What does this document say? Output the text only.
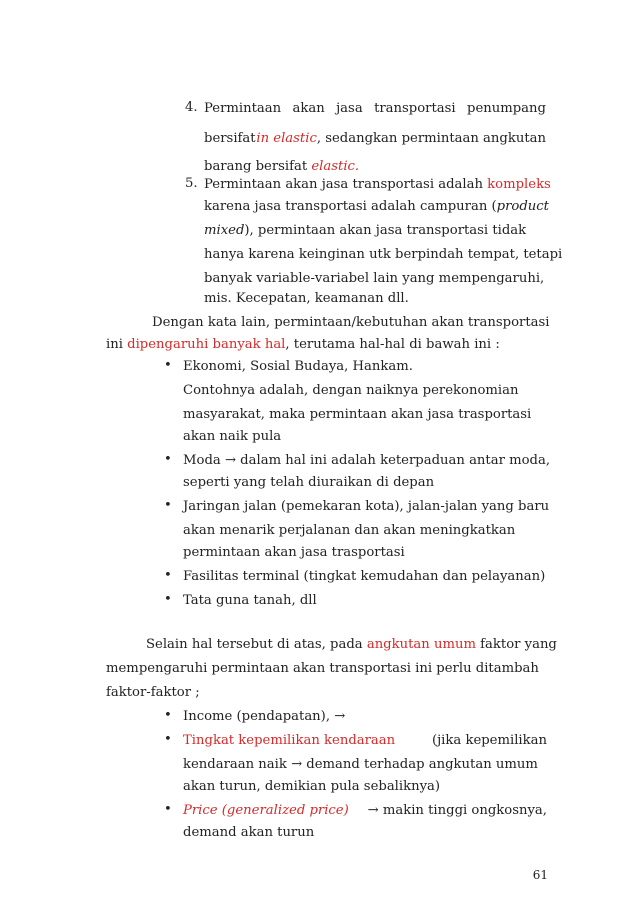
4. Permintaan akan jasa transportasi penumpang
bersifat in elastic, sedangkan permintaan angkutan
barang bersifat elastic.
5. Permintaan akan jasa transportasi adalah kompleks
karena jasa transportasi adalah campuran (product
mixed), permintaan akan jasa transportasi tidak
hanya karena keinginan utk berpindah tempat, tetapi
banyak variable-variabel lain yang mempengaruhi,
mis. Kecepatan, keamanan dll.
Dengan kata lain, permintaan/kebutuhan akan transportasi
ini dipengaruhi banyak hal, terutama hal-hal di bawah ini :
• Ekonomi, Sosial Budaya, Hankam.
Contohnya adalah, dengan naiknya perekonomian
masyarakat, maka permintaan akan jasa trasportasi
akan naik pula
• Moda → dalam hal ini adalah keterpaduan antar moda,
seperti yang telah diuraikan di depan
• Jaringan jalan (pemekaran kota), jalan-jalan yang baru
akan menarik perjalanan dan akan meningkatkan
permintaan akan jasa trasportasi
• Fasilitas terminal (tingkat kemudahan dan pelayanan)
• Tata guna tanah, dll
Selain hal tersebut di atas, pada angkutan umum faktor yang
mempengaruhi permintaan akan transportasi ini perlu ditambah
faktor-faktor ;
• Income (pendapatan), →
• Tingkat kepemilikan kendaraan	(jika kepemilikan
kendaraan naik → demand terhadap angkutan umum
akan turun, demikian pula sebaliknya)
• Price (generalized price) → makin tinggi ongkosnya,
demand akan turun
61
